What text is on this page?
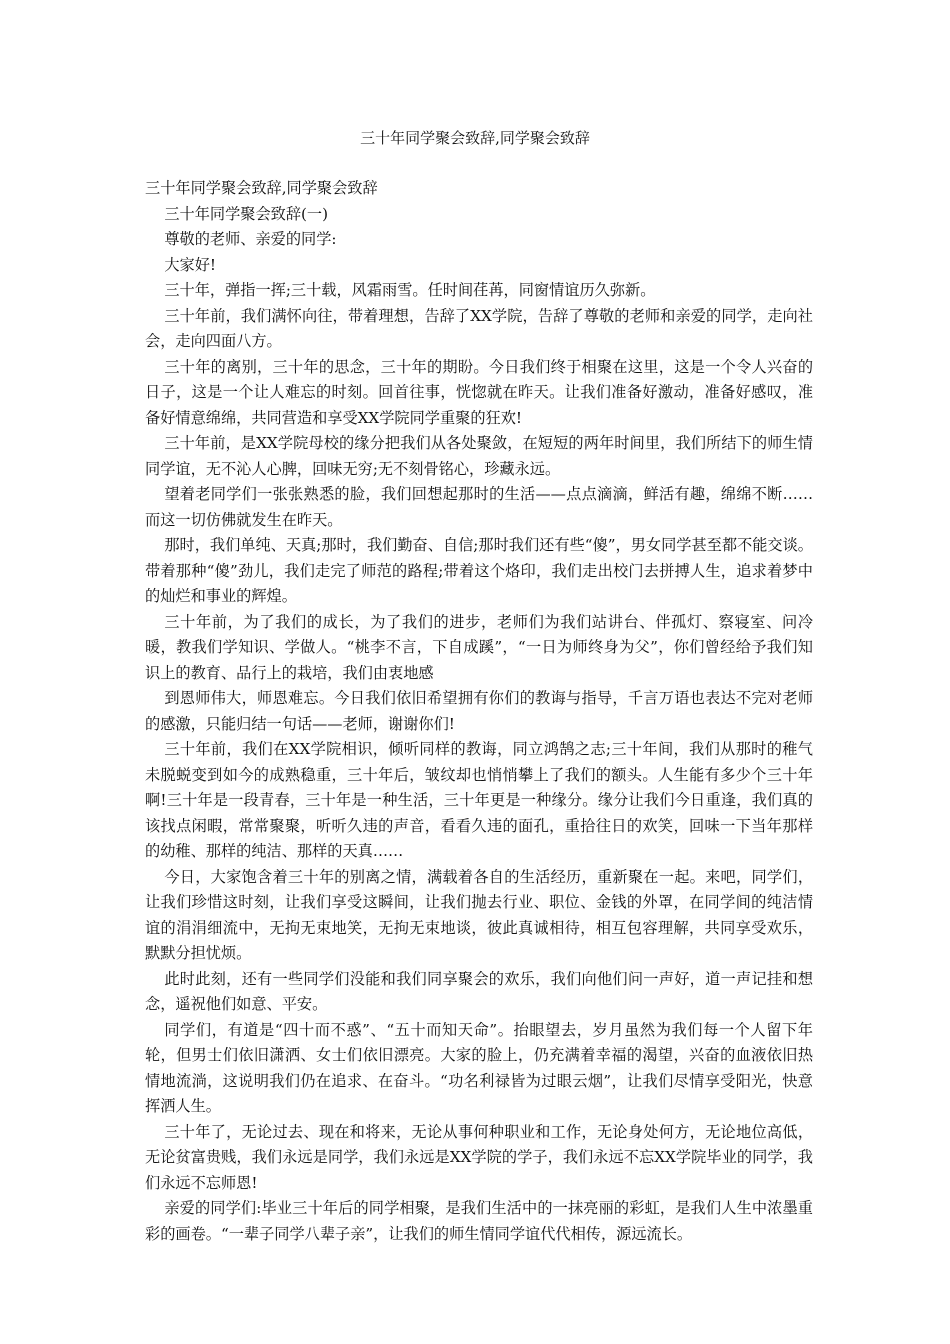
三十年同学聚会致辞,同学聚会致辞

三十年同学聚会致辞,同学聚会致辞

三十年同学聚会致辞(一)

尊敬的老师、亲爱的同学:

大家好!

三十年，弹指一挥;三十载，风霜雨雪。任时间荏苒，同窗情谊历久弥新。

三十年前，我们满怀向往，带着理想，告辞了XX学院，告辞了尊敬的老师和亲爱的同学，走向社会，走向四面八方。

三十年的离别，三十年的思念，三十年的期盼。今日我们终于相聚在这里，这是一个令人兴奋的日子，这是一个让人难忘的时刻。回首往事，恍惚就在昨天。让我们准备好激动，准备好感叹，准备好情意绵绵，共同营造和享受XX学院同学重聚的狂欢!

三十年前，是XX学院母校的缘分把我们从各处聚敛，在短短的两年时间里，我们所结下的师生情同学谊，无不沁人心脾，回味无穷;无不刻骨铭心，珍藏永远。

望着老同学们一张张熟悉的脸，我们回想起那时的生活——点点滴滴，鲜活有趣，绵绵不断……而这一切仿佛就发生在昨天。

那时，我们单纯、天真;那时，我们勤奋、自信;那时我们还有些“傻”，男女同学甚至都不能交谈。带着那种“傻”劲儿，我们走完了师范的路程;带着这个烙印，我们走出校门去拼搏人生，追求着梦中的灿烂和事业的辉煌。

三十年前，为了我们的成长，为了我们的进步，老师们为我们站讲台、伴孤灯、察寝室、问冷暖，教我们学知识、学做人。“桃李不言，下自成蹊”，“一日为师终身为父”，你们曾经给予我们知识上的教育、品行上的栽培，我们由衷地感

到恩师伟大，师恩难忘。今日我们依旧希望拥有你们的教诲与指导，千言万语也表达不完对老师的感激，只能归结一句话——老师，谢谢你们!

三十年前，我们在XX学院相识，倾听同样的教诲，同立鸿鹄之志;三十年间，我们从那时的稚气未脱蜕变到如今的成熟稳重，三十年后，皱纹却也悄悄攀上了我们的额头。人生能有多少个三十年啊!三十年是一段青春，三十年是一种生活，三十年更是一种缘分。缘分让我们今日重逢，我们真的该找点闲暇，常常聚聚，听听久违的声音，看看久违的面孔，重拾往日的欢笑，回味一下当年那样的幼稚、那样的纯洁、那样的天真……

今日，大家饱含着三十年的别离之情，满载着各自的生活经历，重新聚在一起。来吧，同学们，让我们珍惜这时刻，让我们享受这瞬间，让我们抛去行业、职位、金钱的外罩，在同学间的纯洁情谊的涓涓细流中，无拘无束地笑，无拘无束地谈，彼此真诚相待，相互包容理解，共同享受欢乐，默默分担忧烦。

此时此刻，还有一些同学们没能和我们同享聚会的欢乐，我们向他们问一声好，道一声记挂和想念，遥祝他们如意、平安。

同学们，有道是“四十而不惑”、“五十而知天命”。抬眼望去，岁月虽然为我们每一个人留下年轮，但男士们依旧潇洒、女士们依旧漂亮。大家的脸上，仍充满着幸福的渴望，兴奋的血液依旧热情地流淌，这说明我们仍在追求、在奋斗。“功名利禄皆为过眼云烟”，让我们尽情享受阳光，快意挥洒人生。

三十年了，无论过去、现在和将来，无论从事何种职业和工作，无论身处何方，无论地位高低，无论贫富贵贱，我们永远是同学，我们永远是XX学院的学子，我们永远不忘XX学院毕业的同学，我们永远不忘师恩!

亲爱的同学们:毕业三十年后的同学相聚，是我们生活中的一抹亮丽的彩虹，是我们人生中浓墨重彩的画卷。“一辈子同学八辈子亲”，让我们的师生情同学谊代代相传，源远流长。
